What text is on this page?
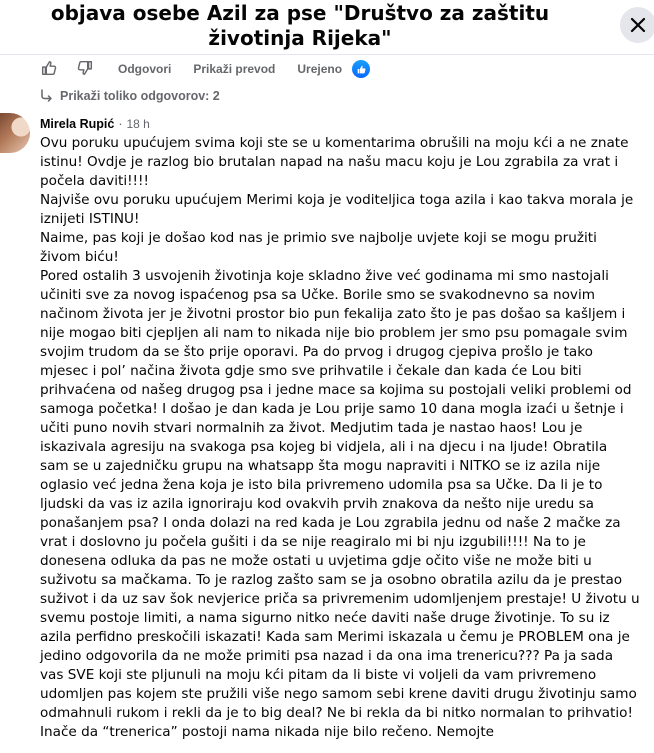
objava osebe Azil za pse "Društvo za zaštitu životinja Rijeka"
Odgovori Prikaži prevod Urejeno
Prikaži toliko odgovorov: 2
Mirela Rupić · 18 h

Ovu poruku upućujem svima koji ste se u komentarima obrušili na moju kći a ne znate istinu! Ovdje je razlog bio brutalan napad na našu macu koju je Lou zgrabila za vrat i počela daviti!!!!

Najviše ovu poruku upućujem Merimi koja je voditeljica toga azila i kao takva morala je iznijeti ISTINU!

Naime, pas koji je došao kod nas je primio sve najbolje uvjete koji se mogu pružiti živom biću!

Pored ostalih 3 usvojenih životinja koje skladno žive već godinama mi smo nastojali učiniti sve za novog ispaćenog psa sa Učke. Borile smo se svakodnevno sa novim načinom života jer je životni prostor bio pun fekalija zato što je pas došao sa kašljem i nije mogao biti cjepljen ali nam to nikada nije bio problem jer smo psu pomagale svim svojim trudom da se što prije oporavi. Pa do prvog i drugog cjepiva prošlo je tako mjesec i pol’ načina života gdje smo sve prihvatile i čekale dan kada će Lou biti prihvaćena od našeg drugog psa i jedne mace sa kojima su postojali veliki problemi od samoga početka! I došao je dan kada je Lou prije samo 10 dana mogla izaći u šetnje i učiti puno novih stvari normalnih za život. Medjutim tada je nastao haos! Lou je iskazivala agresiju na svakoga psa kojeg bi vidjela, ali i na djecu i na ljude! Obratila sam se u zajedničku grupu na whatsapp šta mogu napraviti i NITKO se iz azila nije oglasio već jedna žena koja je isto bila privremeno udomila psa sa Učke. Da li je to ljudski da vas iz azila ignoriraju kod ovakvih prvih znakova da nešto nije uredu sa ponašanjem psa? I onda dolazi na red kada je Lou zgrabila jednu od naše 2 mačke za vrat i doslovno ju počela gušiti i da se nije reagiralo mi bi nju izgubili!!!! Na to je donesena odluka da pas ne može ostati u uvjetima gdje očito više ne može biti u suživotu sa mačkama. To je razlog zašto sam se ja osobno obratila azilu da je prestao suživot i da uz sav šok nevjerice priča sa privremenim udomljenjem prestaje! U životu u svemu postoje limiti, a nama sigurno nitko neće daviti naše druge životinje. To su iz azila perfidno preskočili iskazati! Kada sam Merimi iskazala u čemu je PROBLEM ona je jedino odgovorila da ne može primiti psa nazad i da ona ima trenericu??? Pa ja sada vas SVE koji ste pljunuli na moju kći pitam da li biste vi voljeli da vam privremeno udomljen pas kojem ste pružili više nego samom sebi krene daviti drugu životinju samo odmahnuli rukom i rekli da je to big deal? Ne bi rekla da bi nitko normalan to prihvatio! Inače da “trenerica” postoji nama nikada nije bilo rečeno. Nemojte
